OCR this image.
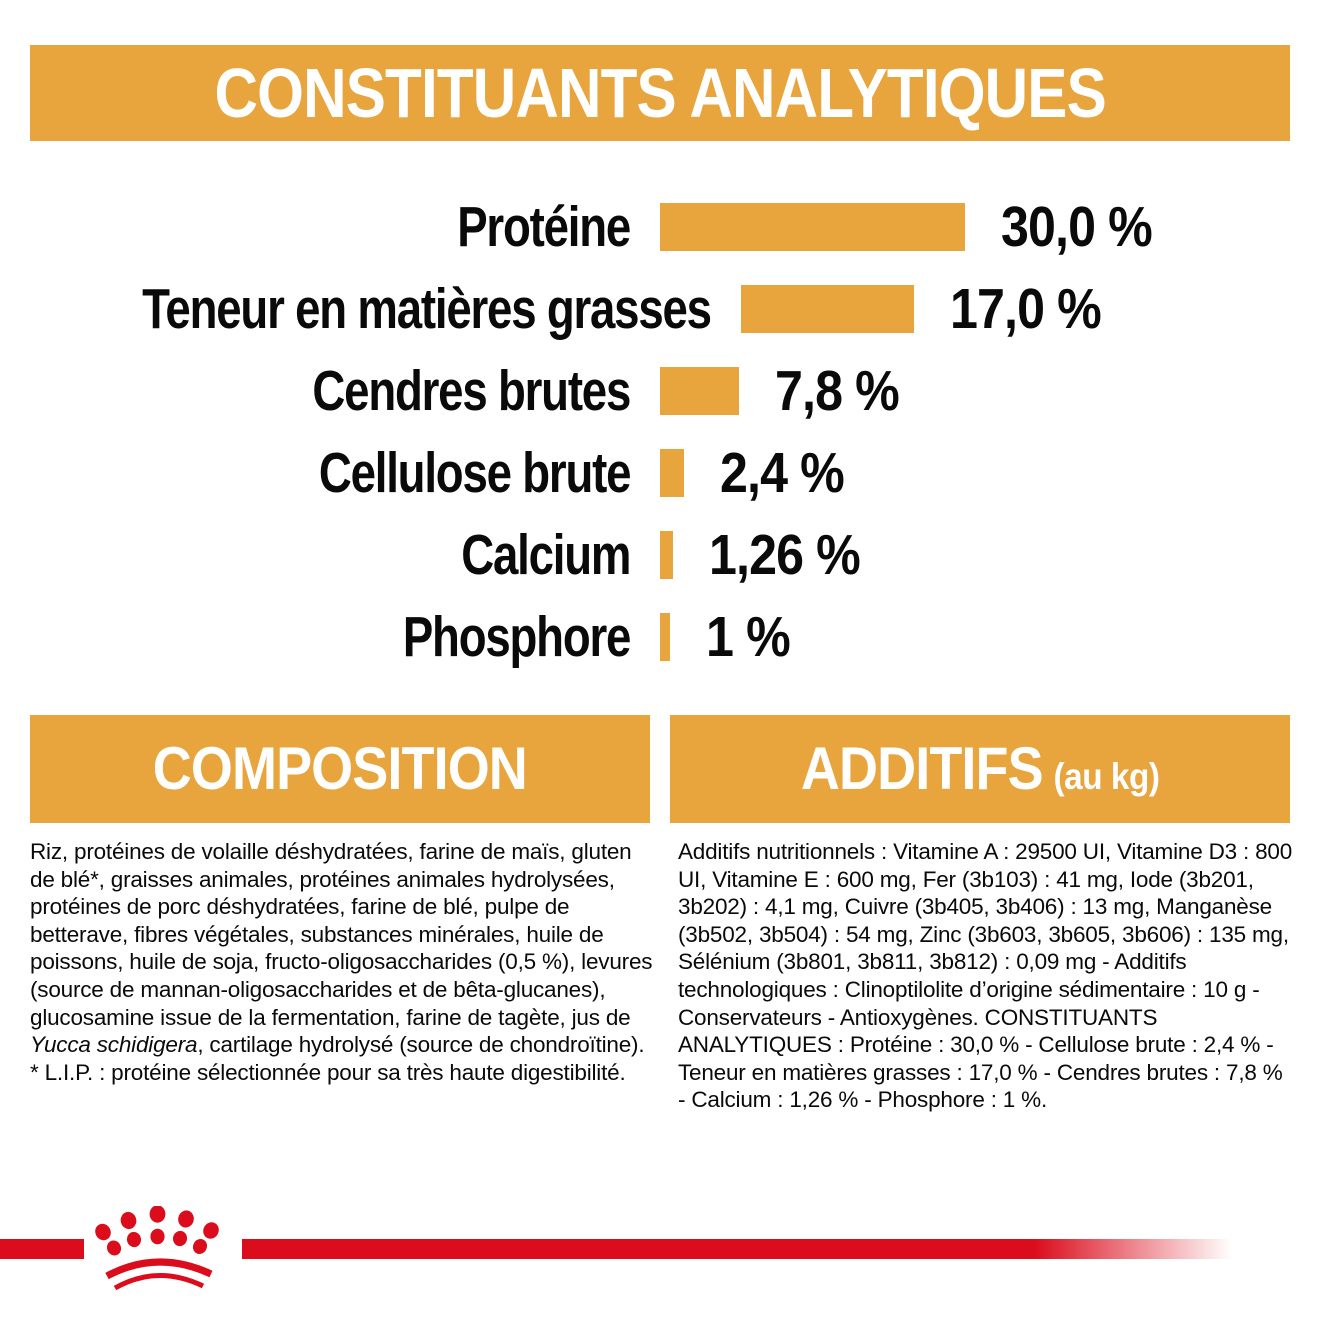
CONSTITUANTS ANALYTIQUES
Protéine	30,0 %
Teneur en matières grasses	17,0 %
Cendres brutes	7,8 %
Cellulose brute 2,4 %
Calcium 1,26 %
Phosphore 1 %
COMPOSITION	ADDITIFS (au kg)

Riz, protéines de volaille déshydratées, farine de maïs, gluten de blé*, graisses animales, protéines animales hydrolysées, protéines de porc déshydratées, farine de blé, pulpe de betterave, fibres végétales, substances minérales, huile de poissons, huile de soja, fructo-oligosaccharides (0,5 %), levures (source de mannan-oligosaccharides et de bêta-glucanes), glucosamine issue de la fermentation, farine de tagète, jus de Yucca schidigera, cartilage hydrolysé (source de chondroïtine). * L.I.P. : protéine sélectionnée pour sa très haute digestibilité.

Additifs nutritionnels : Vitamine A : 29500 UI, Vitamine D3 : 800 UI, Vitamine E : 600 mg, Fer (3b103) : 41 mg, Iode (3b201, 3b202) : 4,1 mg, Cuivre (3b405, 3b406) : 13 mg, Manganèse (3b502, 3b504) : 54 mg, Zinc (3b603, 3b605, 3b606) : 135 mg, Sélénium (3b801, 3b811, 3b812) : 0,09 mg - Additifs technologiques : Clinoptilolite d’origine sédimentaire : 10 g - Conservateurs - Antioxygènes. CONSTITUANTS ANALYTIQUES : Protéine : 30,0 % - Cellulose brute : 2,4 % - Teneur en matières grasses : 17,0 % - Cendres brutes : 7,8 % - Calcium : 1,26 % - Phosphore : 1 %.
